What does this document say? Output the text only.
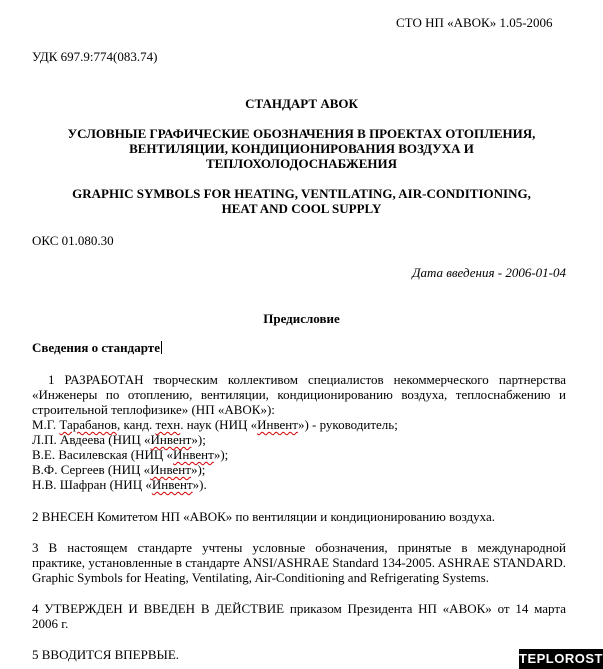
СТО НП «АВОК» 1.05-2006
УДК 697.9:774(083.74)
СТАНДАРТ АВОК
УСЛОВНЫЕ ГРАФИЧЕСКИЕ ОБОЗНАЧЕНИЯ В ПРОЕКТАХ ОТОПЛЕНИЯ,
ВЕНТИЛЯЦИИ, КОНДИЦИОНИРОВАНИЯ ВОЗДУХА И
ТЕПЛОХОЛОДОСНАБЖЕНИЯ
GRAPHIC SYMBOLS FOR HEATING, VENTILATING, AIR-CONDITIONING,
HEAT AND COOL SUPPLY
ОКС 01.080.30
Дата введения - 2006-01-04
Предисловие
Сведения о стандарте
1 РАЗРАБОТАН творческим коллективом специалистов некоммерческого партнерства
«Инженеры по отоплению, вентиляции, кондиционированию воздуха, теплоснабжению и
строительной теплофизике» (НП «АВОК»):
М.Г. Тарабанов, канд. техн. наук (НИЦ «Инвент») - руководитель;
Л.П. Авдеева (НИЦ «Инвент»);
В.Е. Василевская (НИЦ «Инвент»);
В.Ф. Сергеев (НИЦ «Инвент»);
Н.В. Шафран (НИЦ «Инвент»).
2 ВНЕСЕН Комитетом НП «АВОК» по вентиляции и кондиционированию воздуха.
3 В настоящем стандарте учтены условные обозначения, принятые в международной
практике, установленные в стандарте ANSI/ASHRAE Standard 134-2005. ASHRAE STANDARD.
Graphic Symbols for Heating, Ventilating, Air-Conditioning and Refrigerating Systems.
4 УТВЕРЖДЕН И ВВЕДЕН В ДЕЙСТВИЕ приказом Президента НП «АВОК» от 14 марта
2006 г.
5 ВВОДИТСЯ ВПЕРВЫЕ.	TEPLOROST
